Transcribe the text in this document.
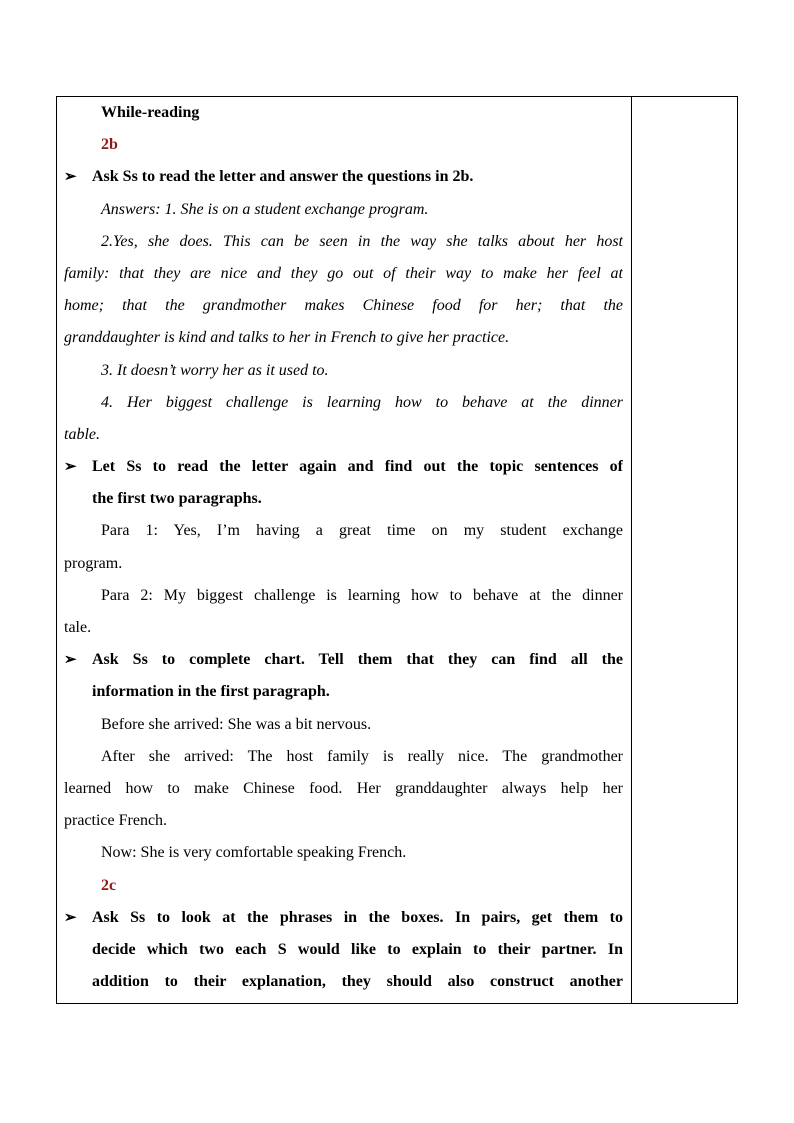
While-reading
2b
➢ Ask Ss to read the letter and answer the questions in 2b.
Answers: 1. She is on a student exchange program.
2.Yes, she does. This can be seen in the way she talks about her host
family: that they are nice and they go out of their way to make her feel at
home; that the grandmother makes Chinese food for her; that the
granddaughter is kind and talks to her in French to give her practice.
3. It doesn’t worry her as it used to.
4. Her biggest challenge is learning how to behave at the dinner
table.
➢ Let Ss to read the letter again and find out the topic sentences of
the first two paragraphs.
Para 1: Yes, I’m having a great time on my student exchange
program.
Para 2: My biggest challenge is learning how to behave at the dinner
tale.
➢ Ask Ss to complete chart. Tell them that they can find all the
information in the first paragraph.
Before she arrived: She was a bit nervous.
After she arrived: The host family is really nice. The grandmother
learned how to make Chinese food. Her granddaughter always help her
practice French.
Now: She is very comfortable speaking French.
2c
➢ Ask Ss to look at the phrases in the boxes. In pairs, get them to
decide which two each S would like to explain to their partner. In
addition to their explanation, they should also construct another
